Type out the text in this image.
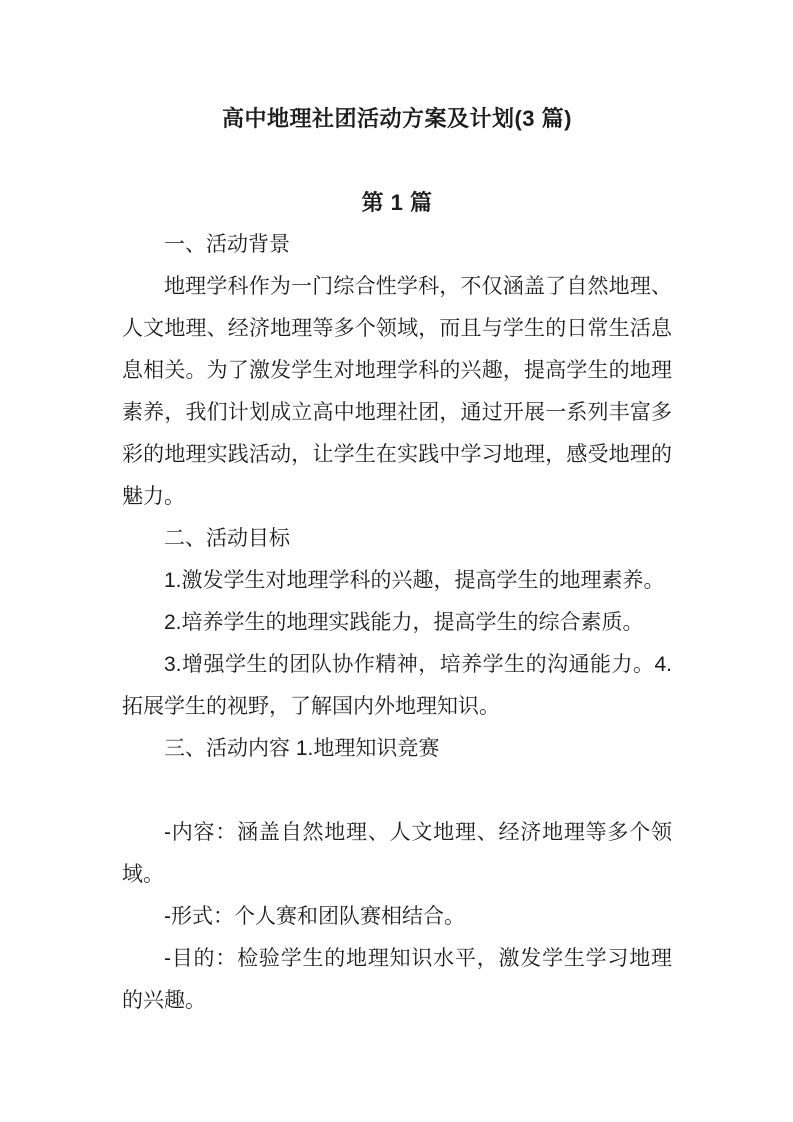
高中地理社团活动方案及计划(3 篇)
第 1 篇

一、活动背景

地理学科作为一门综合性学科，不仅涵盖了自然地理、人文地理、经济地理等多个领域，而且与学生的日常生活息息相关。为了激发学生对地理学科的兴趣，提高学生的地理素养，我们计划成立高中地理社团，通过开展一系列丰富多彩的地理实践活动，让学生在实践中学习地理，感受地理的魅力。

二、活动目标

1.激发学生对地理学科的兴趣，提高学生的地理素养。

2.培养学生的地理实践能力，提高学生的综合素质。

3.增强学生的团队协作精神，培养学生的沟通能力。4.拓展学生的视野，了解国内外地理知识。

三、活动内容 1.地理知识竞赛

-内容：涵盖自然地理、人文地理、经济地理等多个领域。

-形式：个人赛和团队赛相结合。

-目的：检验学生的地理知识水平，激发学生学习地理的兴趣。
